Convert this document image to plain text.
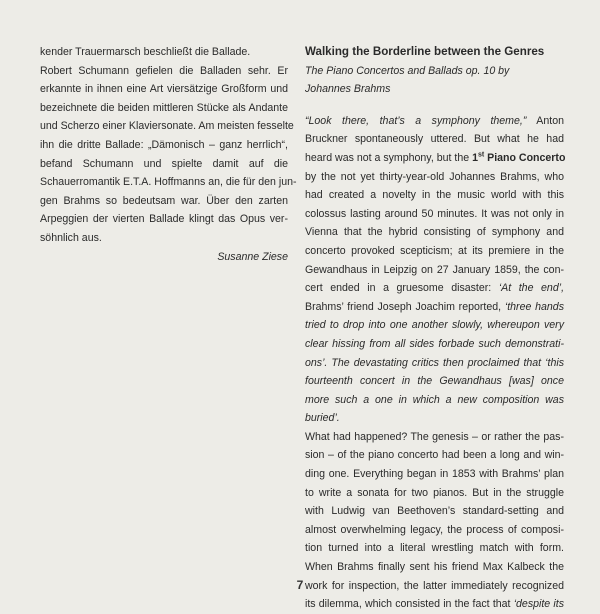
kender Trauermarsch beschließt die Ballade.
Robert Schumann gefielen die Balladen sehr. Er
erkannte in ihnen eine Art viersätzige Großform und
bezeichnete die beiden mittleren Stücke als Andante
und Scherzo einer Klaviersonate. Am meisten fesselte
ihn die dritte Ballade: „Dämonisch – ganz herrlich“,
befand Schumann und spielte damit auf die
Schauerromantik E.T.A. Hoffmanns an, die für den jun-
gen Brahms so bedeutsam war. Über den zarten
Arpeggien der vierten Ballade klingt das Opus ver-
söhnlich aus.
Susanne Ziese
Walking the Borderline between the Genres
The Piano Concertos and Ballads op. 10 by
Johannes Brahms
“Look there, that’s a symphony theme,” Anton
Bruckner spontaneously uttered. But what he had
heard was not a symphony, but the 1st Piano Concerto
by the not yet thirty-year-old Johannes Brahms, who
had created a novelty in the music world with this
colossus lasting around 50 minutes. It was not only in
Vienna that the hybrid consisting of symphony and
concerto provoked scepticism; at its premiere in the
Gewandhaus in Leipzig on 27 January 1859, the con-
cert ended in a gruesome disaster: ‘At the end’,
Brahms’ friend Joseph Joachim reported, ‘three hands
tried to drop into one another slowly, whereupon very
clear hissing from all sides forbade such demonstrati-
ons’. The devastating critics then proclaimed that ‘this
fourteenth concert in the Gewandhaus [was] once
more such a one in which a new composition was
buried’.
What had happened? The genesis – or rather the pas-
sion – of the piano concerto had been a long and win-
ding one. Everything began in 1853 with Brahms’ plan
to write a sonata for two pianos. But in the struggle
with Ludwig van Beethoven’s standard-setting and
almost overwhelming legacy, the process of composi-
tion turned into a literal wrestling match with form.
When Brahms finally sent his friend Max Kalbeck the
work for inspection, the latter immediately recognized
its dilemma, which consisted in the fact that ‘despite its
7
